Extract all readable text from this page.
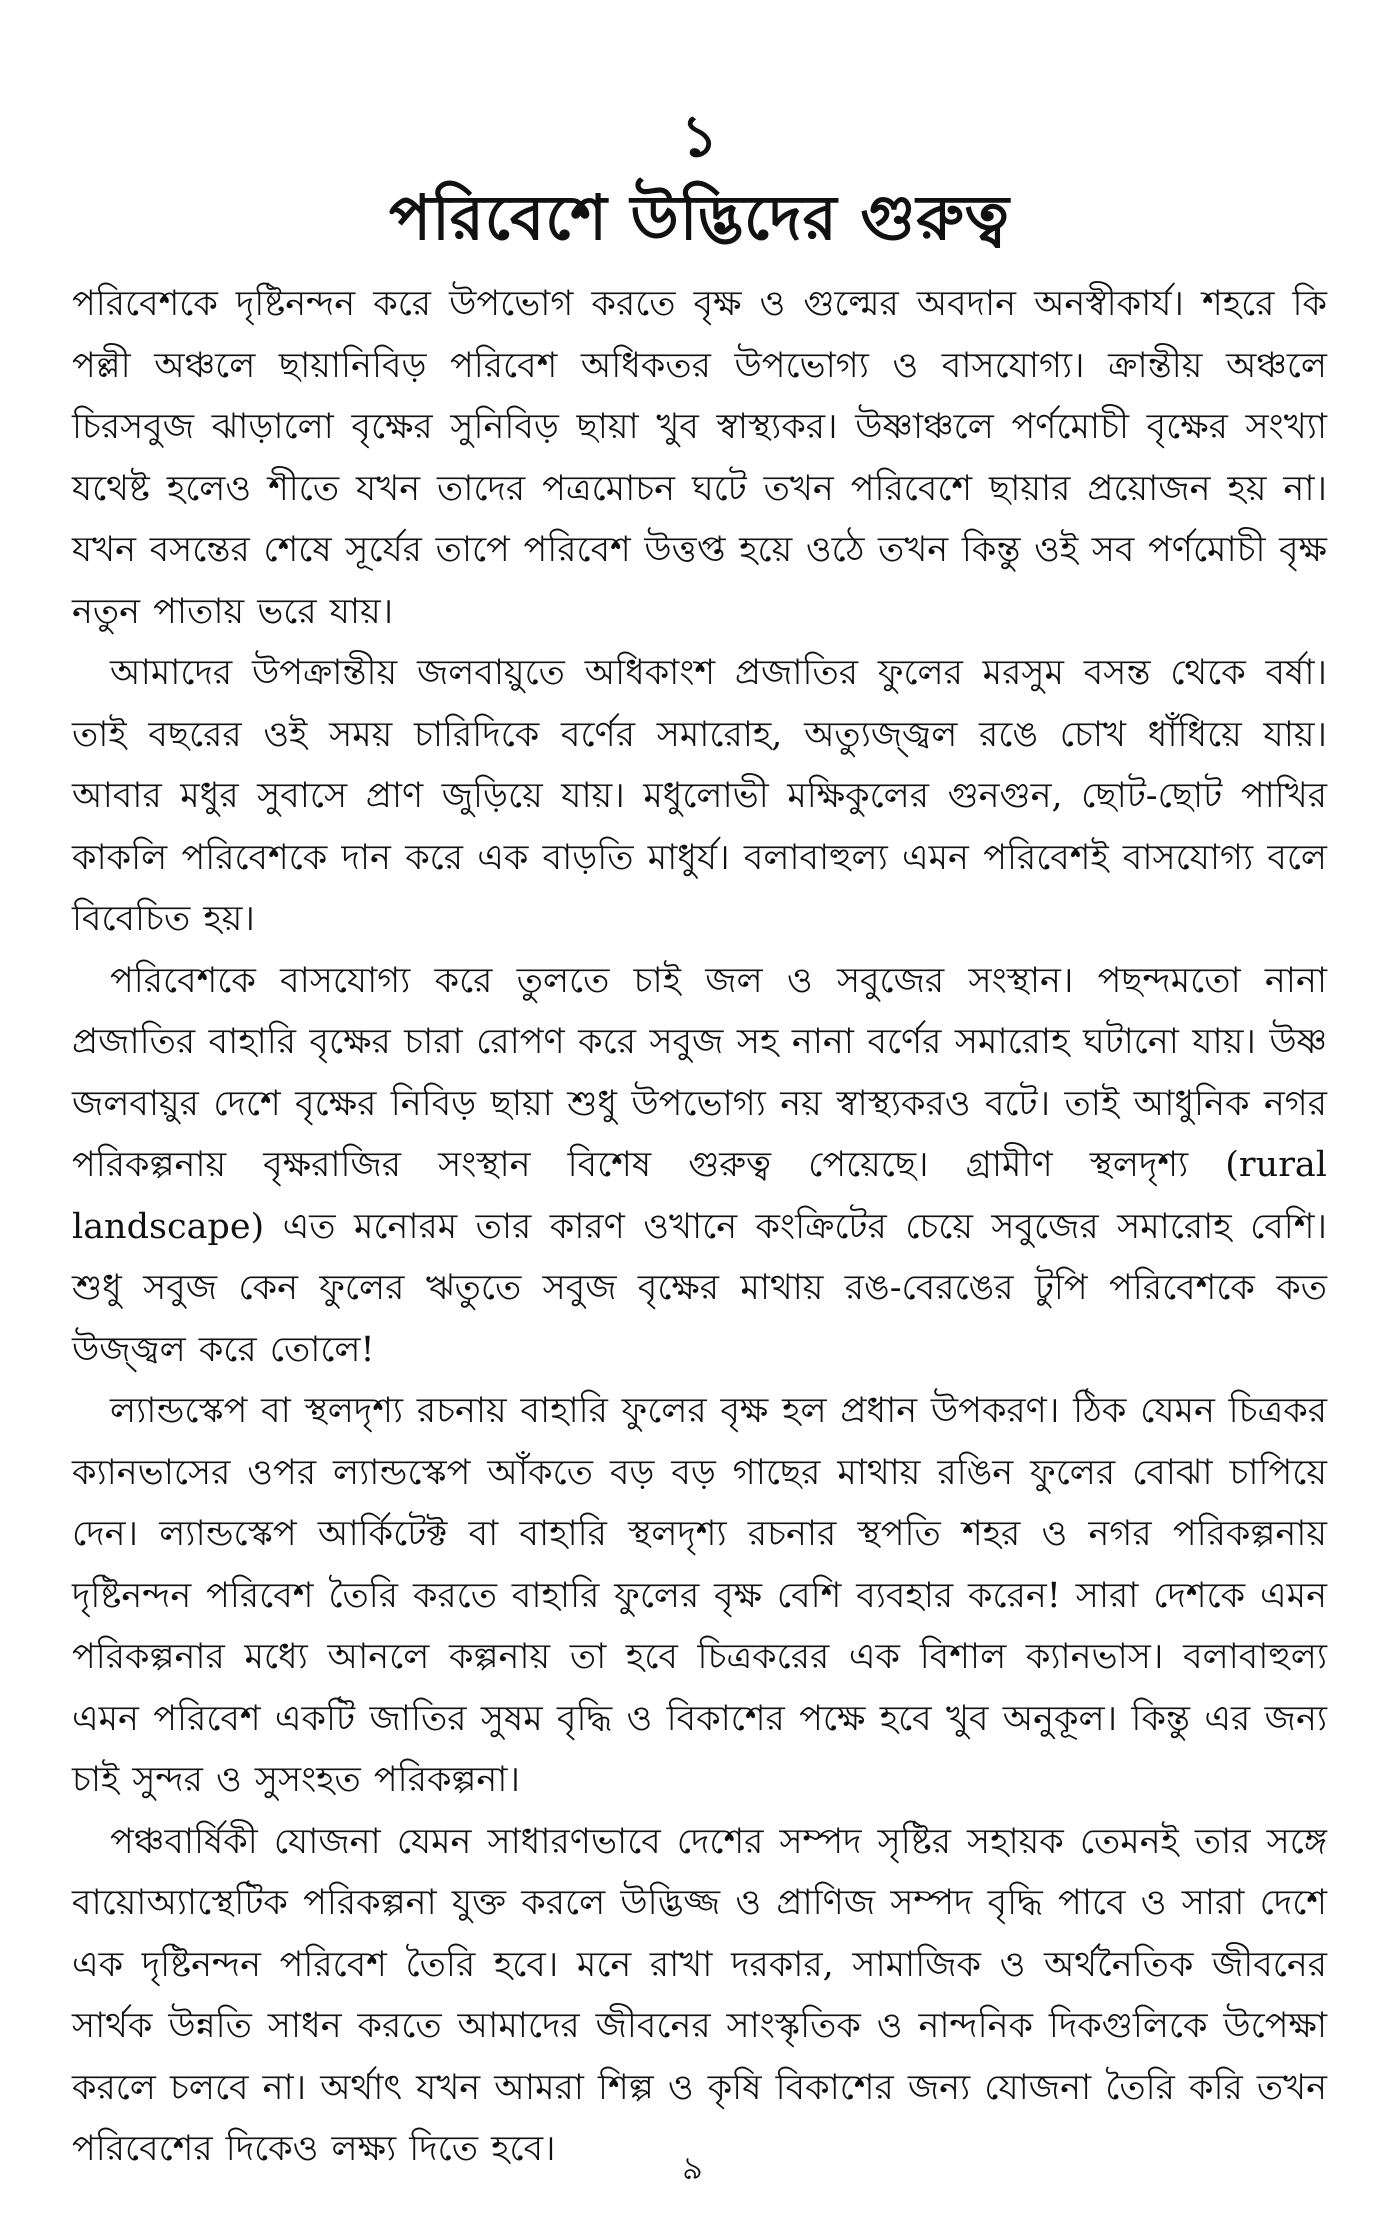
১
পরিবেশে উদ্ভিদের গুরুত্ব

পরিবেশকে দৃষ্টিনন্দন করে উপভোগ করতে বৃক্ষ ও গুল্মের অবদান অনস্বীকার্য। শহরে কি পল্লী অঞ্চলে ছায়ানিবিড় পরিবেশ অধিকতর উপভোগ্য ও বাসযোগ্য। ক্রান্তীয় অঞ্চলে চিরসবুজ ঝাড়ালো বৃক্ষের সুনিবিড় ছায়া খুব স্বাস্থ্যকর। উষ্ণাঞ্চলে পর্ণমোচী বৃক্ষের সংখ্যা যথেষ্ট হলেও শীতে যখন তাদের পত্রমোচন ঘটে তখন পরিবেশে ছায়ার প্রয়োজন হয় না। যখন বসন্তের শেষে সূর্যের তাপে পরিবেশ উত্তপ্ত হয়ে ওঠে তখন কিন্তু ওই সব পর্ণমোচী বৃক্ষ নতুন পাতায় ভরে যায়।

আমাদের উপক্রান্তীয় জলবায়ুতে অধিকাংশ প্রজাতির ফুলের মরসুম বসন্ত থেকে বর্ষা। তাই বছরের ওই সময় চারিদিকে বর্ণের সমারোহ, অত্যুজ্জ্বল রঙে চোখ ধাঁধিয়ে যায়। আবার মধুর সুবাসে প্রাণ জুড়িয়ে যায়। মধুলোভী মক্ষিকুলের গুনগুন, ছোট-ছোট পাখির কাকলি পরিবেশকে দান করে এক বাড়তি মাধুর্য। বলাবাহুল্য এমন পরিবেশই বাসযোগ্য বলে বিবেচিত হয়।

পরিবেশকে বাসযোগ্য করে তুলতে চাই জল ও সবুজের সংস্থান। পছন্দমতো নানা প্রজাতির বাহারি বৃক্ষের চারা রোপণ করে সবুজ সহ নানা বর্ণের সমারোহ ঘটানো যায়। উষ্ণ জলবায়ুর দেশে বৃক্ষের নিবিড় ছায়া শুধু উপভোগ্য নয় স্বাস্থ্যকরও বটে। তাই আধুনিক নগর পরিকল্পনায় বৃক্ষরাজির সংস্থান বিশেষ গুরুত্ব পেয়েছে। গ্রামীণ স্থলদৃশ্য (rural landscape) এত মনোরম তার কারণ ওখানে কংক্রিটের চেয়ে সবুজের সমারোহ বেশি। শুধু সবুজ কেন ফুলের ঋতুতে সবুজ বৃক্ষের মাথায় রঙ-বেরঙের টুপি পরিবেশকে কত উজ্জ্বল করে তোলে!

ল্যান্ডস্কেপ বা স্থলদৃশ্য রচনায় বাহারি ফুলের বৃক্ষ হল প্রধান উপকরণ। ঠিক যেমন চিত্রকর ক্যানভাসের ওপর ল্যান্ডস্কেপ আঁকতে বড় বড় গাছের মাথায় রঙিন ফুলের বোঝা চাপিয়ে দেন। ল্যান্ডস্কেপ আর্কিটেক্ট বা বাহারি স্থলদৃশ্য রচনার স্থপতি শহর ও নগর পরিকল্পনায় দৃষ্টিনন্দন পরিবেশ তৈরি করতে বাহারি ফুলের বৃক্ষ বেশি ব্যবহার করেন! সারা দেশকে এমন পরিকল্পনার মধ্যে আনলে কল্পনায় তা হবে চিত্রকরের এক বিশাল ক্যানভাস। বলাবাহুল্য এমন পরিবেশ একটি জাতির সুষম বৃদ্ধি ও বিকাশের পক্ষে হবে খুব অনুকূল। কিন্তু এর জন্য চাই সুন্দর ও সুসংহত পরিকল্পনা।

পঞ্চবার্ষিকী যোজনা যেমন সাধারণভাবে দেশের সম্পদ সৃষ্টির সহায়ক তেমনই তার সঙ্গে বায়োঅ্যাস্থেটিক পরিকল্পনা যুক্ত করলে উদ্ভিজ্জ ও প্রাণিজ সম্পদ বৃদ্ধি পাবে ও সারা দেশে এক দৃষ্টিনন্দন পরিবেশ তৈরি হবে। মনে রাখা দরকার, সামাজিক ও অর্থনৈতিক জীবনের সার্থক উন্নতি সাধন করতে আমাদের জীবনের সাংস্কৃতিক ও নান্দনিক দিকগুলিকে উপেক্ষা করলে চলবে না। অর্থাৎ যখন আমরা শিল্প ও কৃষি বিকাশের জন্য যোজনা তৈরি করি তখন পরিবেশের দিকেও লক্ষ্য দিতে হবে।	৯
